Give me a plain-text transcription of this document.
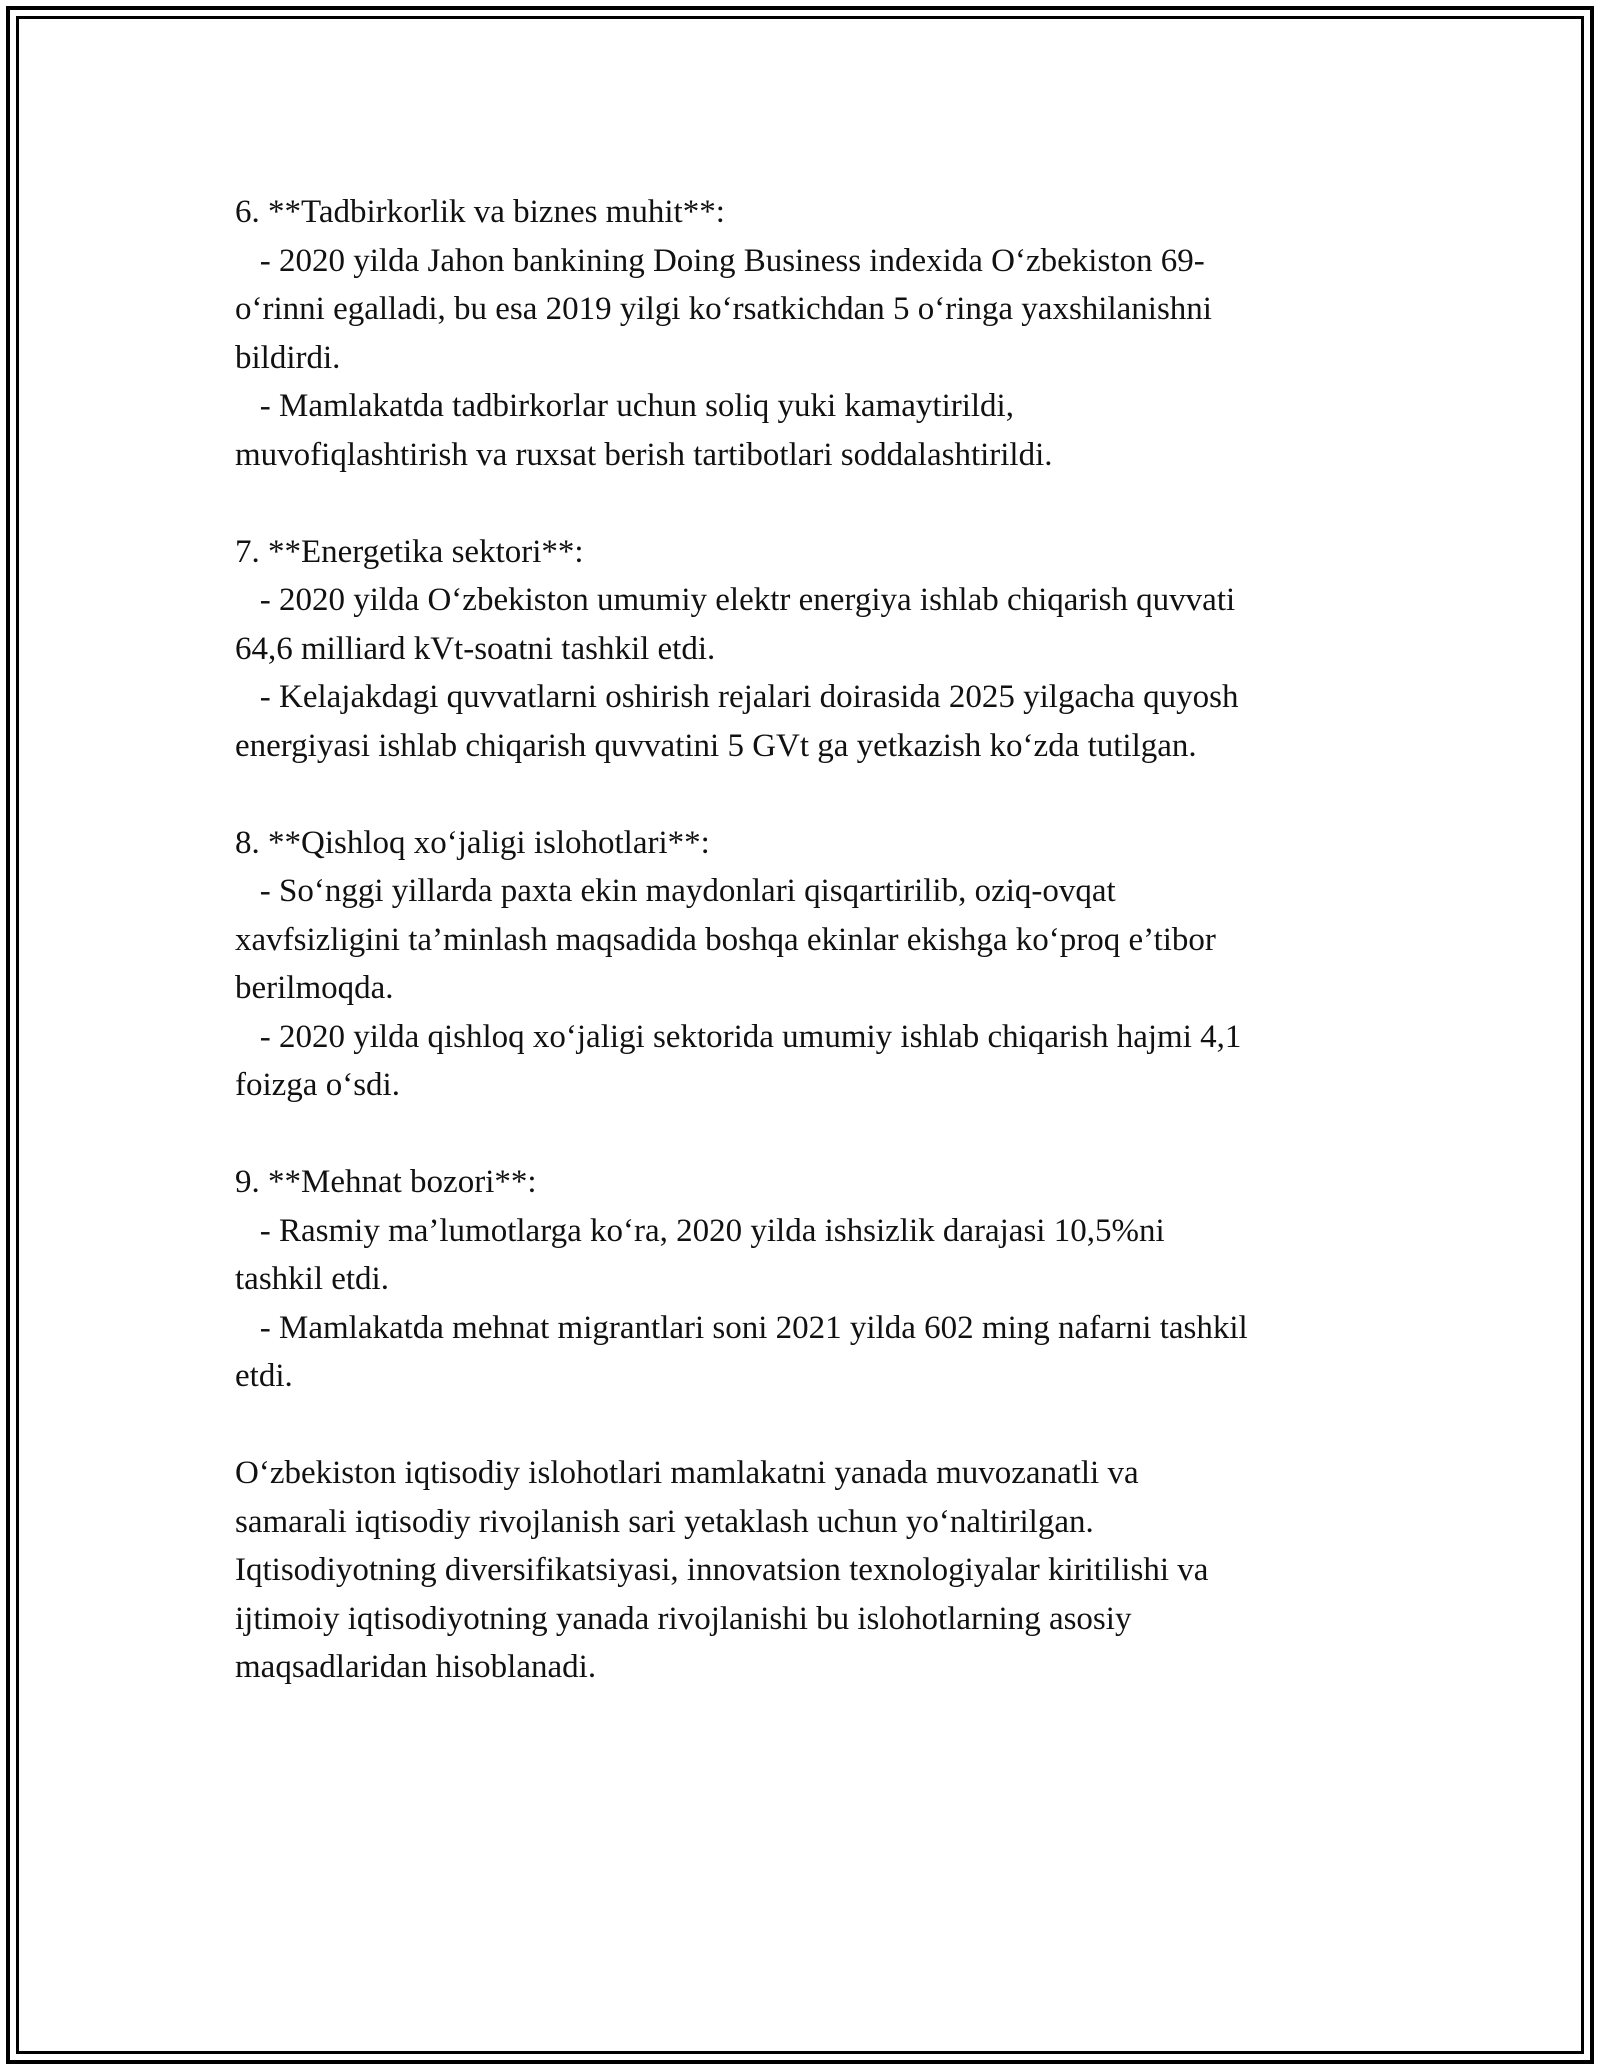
6. **Tadbirkorlik va biznes muhit**:
- 2020 yilda Jahon bankining Doing Business indexida O‘zbekiston 69-
o‘rinni egalladi, bu esa 2019 yilgi ko‘rsatkichdan 5 o‘ringa yaxshilanishni
bildirdi.
- Mamlakatda tadbirkorlar uchun soliq yuki kamaytirildi,
muvofiqlashtirish va ruxsat berish tartibotlari soddalashtirildi.
7. **Energetika sektori**:
- 2020 yilda O‘zbekiston umumiy elektr energiya ishlab chiqarish quvvati
64,6 milliard kVt-soatni tashkil etdi.
- Kelajakdagi quvvatlarni oshirish rejalari doirasida 2025 yilgacha quyosh
energiyasi ishlab chiqarish quvvatini 5 GVt ga yetkazish ko‘zda tutilgan.
8. **Qishloq xo‘jaligi islohotlari**:
- So‘nggi yillarda paxta ekin maydonlari qisqartirilib, oziq-ovqat
xavfsizligini ta’minlash maqsadida boshqa ekinlar ekishga ko‘proq e’tibor
berilmoqda.
- 2020 yilda qishloq xo‘jaligi sektorida umumiy ishlab chiqarish hajmi 4,1
foizga o‘sdi.
9. **Mehnat bozori**:
- Rasmiy ma’lumotlarga ko‘ra, 2020 yilda ishsizlik darajasi 10,5%ni
tashkil etdi.
- Mamlakatda mehnat migrantlari soni 2021 yilda 602 ming nafarni tashkil
etdi.
O‘zbekiston iqtisodiy islohotlari mamlakatni yanada muvozanatli va
samarali iqtisodiy rivojlanish sari yetaklash uchun yo‘naltirilgan.
Iqtisodiyotning diversifikatsiyasi, innovatsion texnologiyalar kiritilishi va
ijtimoiy iqtisodiyotning yanada rivojlanishi bu islohotlarning asosiy
maqsadlaridan hisoblanadi.
